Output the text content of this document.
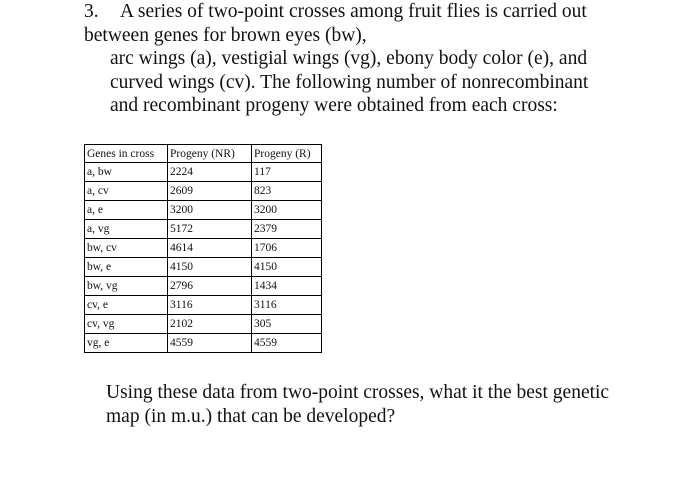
3. A series of two-point crosses among fruit flies is carried out
between genes for brown eyes (bw),
arc wings (a), vestigial wings (vg), ebony body color (e), and
curved wings (cv). The following number of nonrecombinant
and recombinant progeny were obtained from each cross:
Genes in cross	Progeny (NR)	Progeny (R)
a, bw	2224	117
a, cv	2609	823
a, e	3200	3200
a, vg	5172	2379
bw, cv	4614	1706
bw, e	4150	4150
bw, vg	2796	1434
cv, e	3116	3116
cv, vg	2102	305
vg, e	4559	4559
Using these data from two-point crosses, what it the best genetic
map (in m.u.) that can be developed?
